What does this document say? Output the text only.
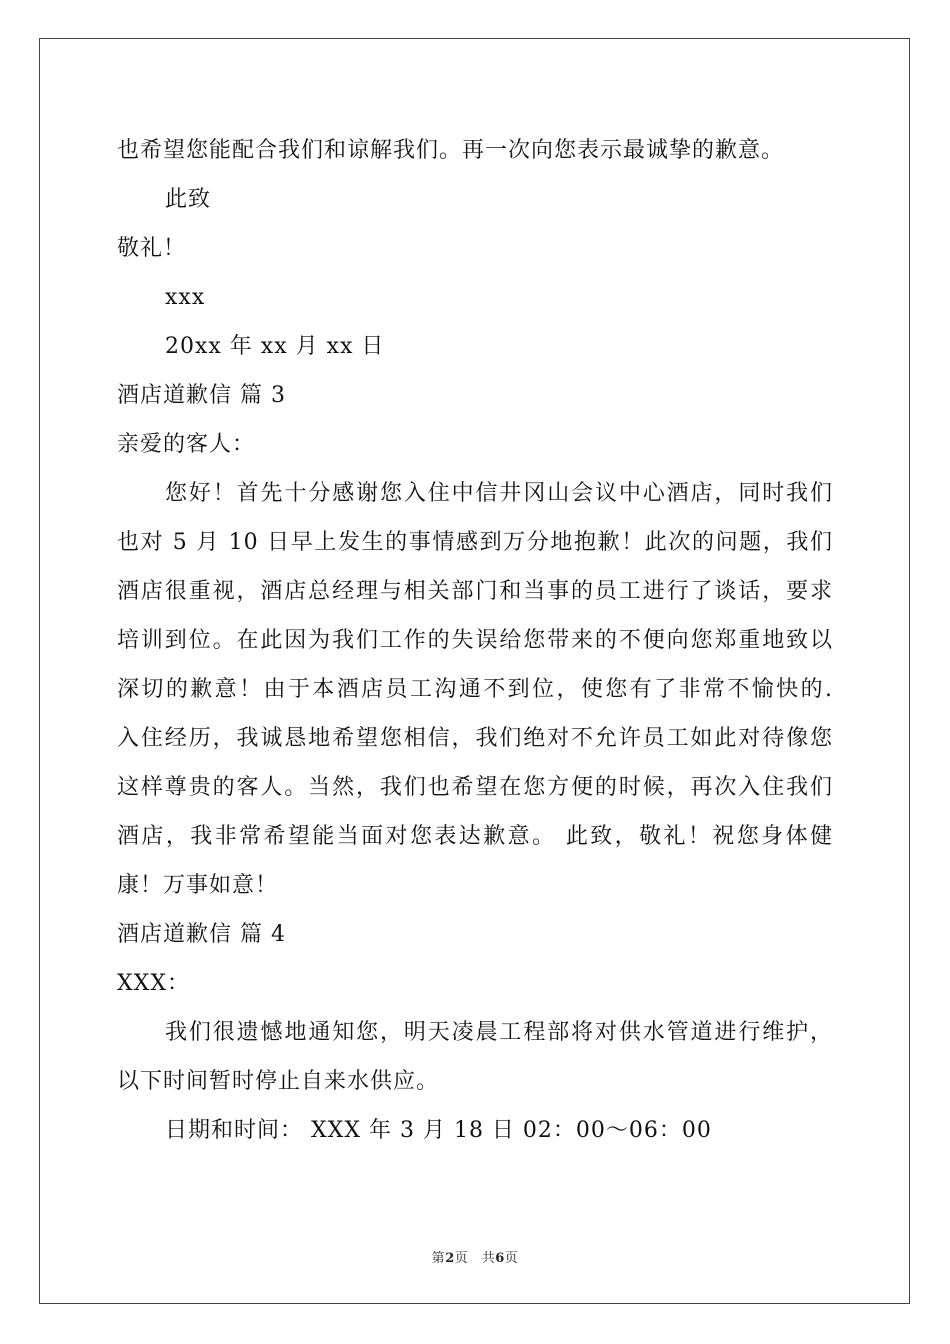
也希望您能配合我们和谅解我们。再一次向您表示最诚挚的歉意。
此致
敬礼！
xxx
20xx 年 xx 月 xx 日
酒店道歉信 篇 3
亲爱的客人：
您好！首先十分感谢您入住中信井冈山会议中心酒店，同时我们
也对 5 月 10 日早上发生的事情感到万分地抱歉！此次的问题，我们
酒店很重视，酒店总经理与相关部门和当事的员工进行了谈话，要求
培训到位。在此因为我们工作的失误给您带来的不便向您郑重地致以
深切的歉意！由于本酒店员工沟通不到位，使您有了非常不愉快的.
入住经历，我诚恳地希望您相信，我们绝对不允许员工如此对待像您
这样尊贵的客人。当然，我们也希望在您方便的时候，再次入住我们
酒店，我非常希望能当面对您表达歉意。 此致，敬礼！祝您身体健
康！万事如意！
酒店道歉信 篇 4
XXX：
我们很遗憾地通知您，明天凌晨工程部将对供水管道进行维护，
以下时间暂时停止自来水供应。
日期和时间： XXX 年 3 月 18 日 02：00～06：00
第2页　共6页
